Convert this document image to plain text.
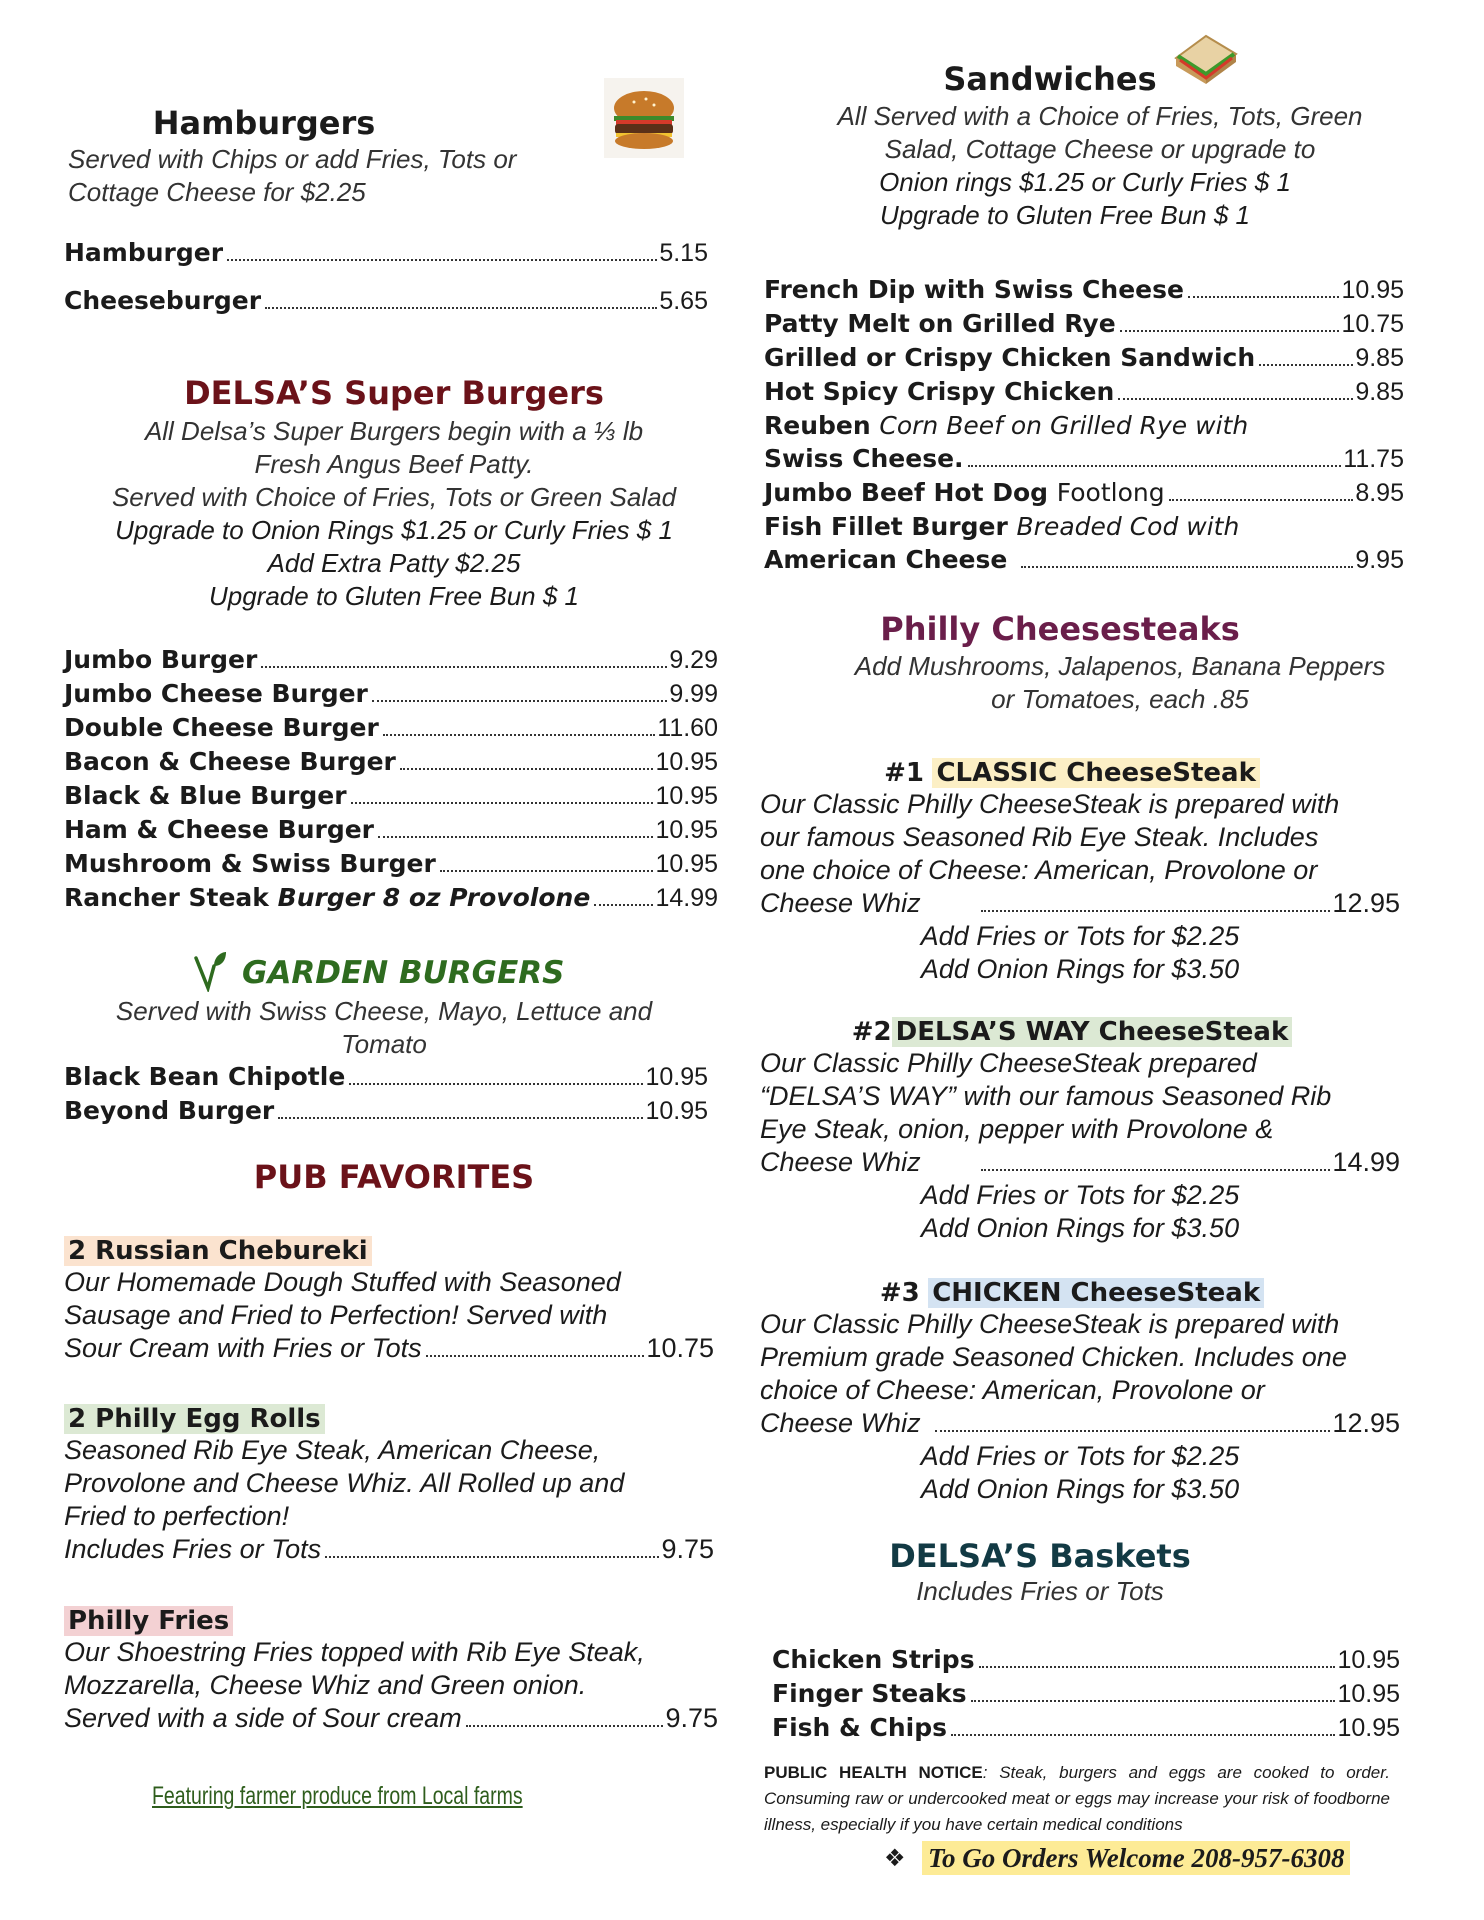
Hamburgers
Served with Chips or add Fries, Tots or
Cottage Cheese for $2.25
Hamburger	5.15
Cheeseburger	5.65
DELSA’S Super Burgers
All Delsa’s Super Burgers begin with a ⅓ lb
Fresh Angus Beef Patty.
Served with Choice of Fries, Tots or Green Salad
Upgrade to Onion Rings $1.25 or Curly Fries $ 1
Add Extra Patty $2.25
Upgrade to Gluten Free Bun $ 1
Jumbo Burger	9.29
Jumbo Cheese Burger	9.99
Double Cheese Burger	11.60
Bacon & Cheese Burger	10.95
Black & Blue Burger	10.95
Ham & Cheese Burger	10.95
Mushroom & Swiss Burger	10.95
Rancher Steak Burger 8 oz Provolone	14.99
GARDEN BURGERS
Served with Swiss Cheese, Mayo, Lettuce and
Tomato
Black Bean Chipotle	10.95
Beyond Burger	10.95
PUB FAVORITES
2 Russian Chebureki
Our Homemade Dough Stuffed with Seasoned
Sausage and Fried to Perfection! Served with
Sour Cream with Fries or Tots	10.75
2 Philly Egg Rolls
Seasoned Rib Eye Steak, American Cheese,
Provolone and Cheese Whiz. All Rolled up and
Fried to perfection!
Includes Fries or Tots	9.75
Philly Fries
Our Shoestring Fries topped with Rib Eye Steak,
Mozzarella, Cheese Whiz and Green onion.
Served with a side of Sour cream	9.75
Featuring farmer produce from Local farms
Sandwiches
All Served with a Choice of Fries, Tots, Green
Salad, Cottage Cheese or upgrade to
Onion rings $1.25 or Curly Fries $ 1
Upgrade to Gluten Free Bun $ 1
French Dip with Swiss Cheese	10.95
Patty Melt on Grilled Rye	10.75
Grilled or Crispy Chicken Sandwich	9.85
Hot Spicy Crispy Chicken	9.85
Reuben Corn Beef on Grilled Rye with
Swiss Cheese.	11.75
Jumbo Beef Hot Dog Footlong	8.95
Fish Fillet Burger Breaded Cod with
American Cheese	9.95
Philly Cheesesteaks
Add Mushrooms, Jalapenos, Banana Peppers
or Tomatoes, each .85
#1 CLASSIC CheeseSteak
Our Classic Philly CheeseSteak is prepared with
our famous Seasoned Rib Eye Steak. Includes
one choice of Cheese: American, Provolone or
Cheese Whiz	12.95
Add Fries or Tots for $2.25
Add Onion Rings for $3.50
#2 DELSA’S WAY CheeseSteak
Our Classic Philly CheeseSteak prepared
“DELSA’S WAY” with our famous Seasoned Rib
Eye Steak, onion, pepper with Provolone &
Cheese Whiz	14.99
Add Fries or Tots for $2.25
Add Onion Rings for $3.50
#3 CHICKEN CheeseSteak
Our Classic Philly CheeseSteak is prepared with
Premium grade Seasoned Chicken. Includes one
choice of Cheese: American, Provolone or
Cheese Whiz	12.95
Add Fries or Tots for $2.25
Add Onion Rings for $3.50
DELSA’S Baskets
Includes Fries or Tots
Chicken Strips	10.95
Finger Steaks	10.95
Fish & Chips	10.95
PUBLIC HEALTH NOTICE: Steak, burgers and eggs are cooked to order. Consuming raw or undercooked meat or eggs may increase your risk of foodborne illness, especially if you have certain medical conditions
❖ To Go Orders Welcome 208-957-6308
